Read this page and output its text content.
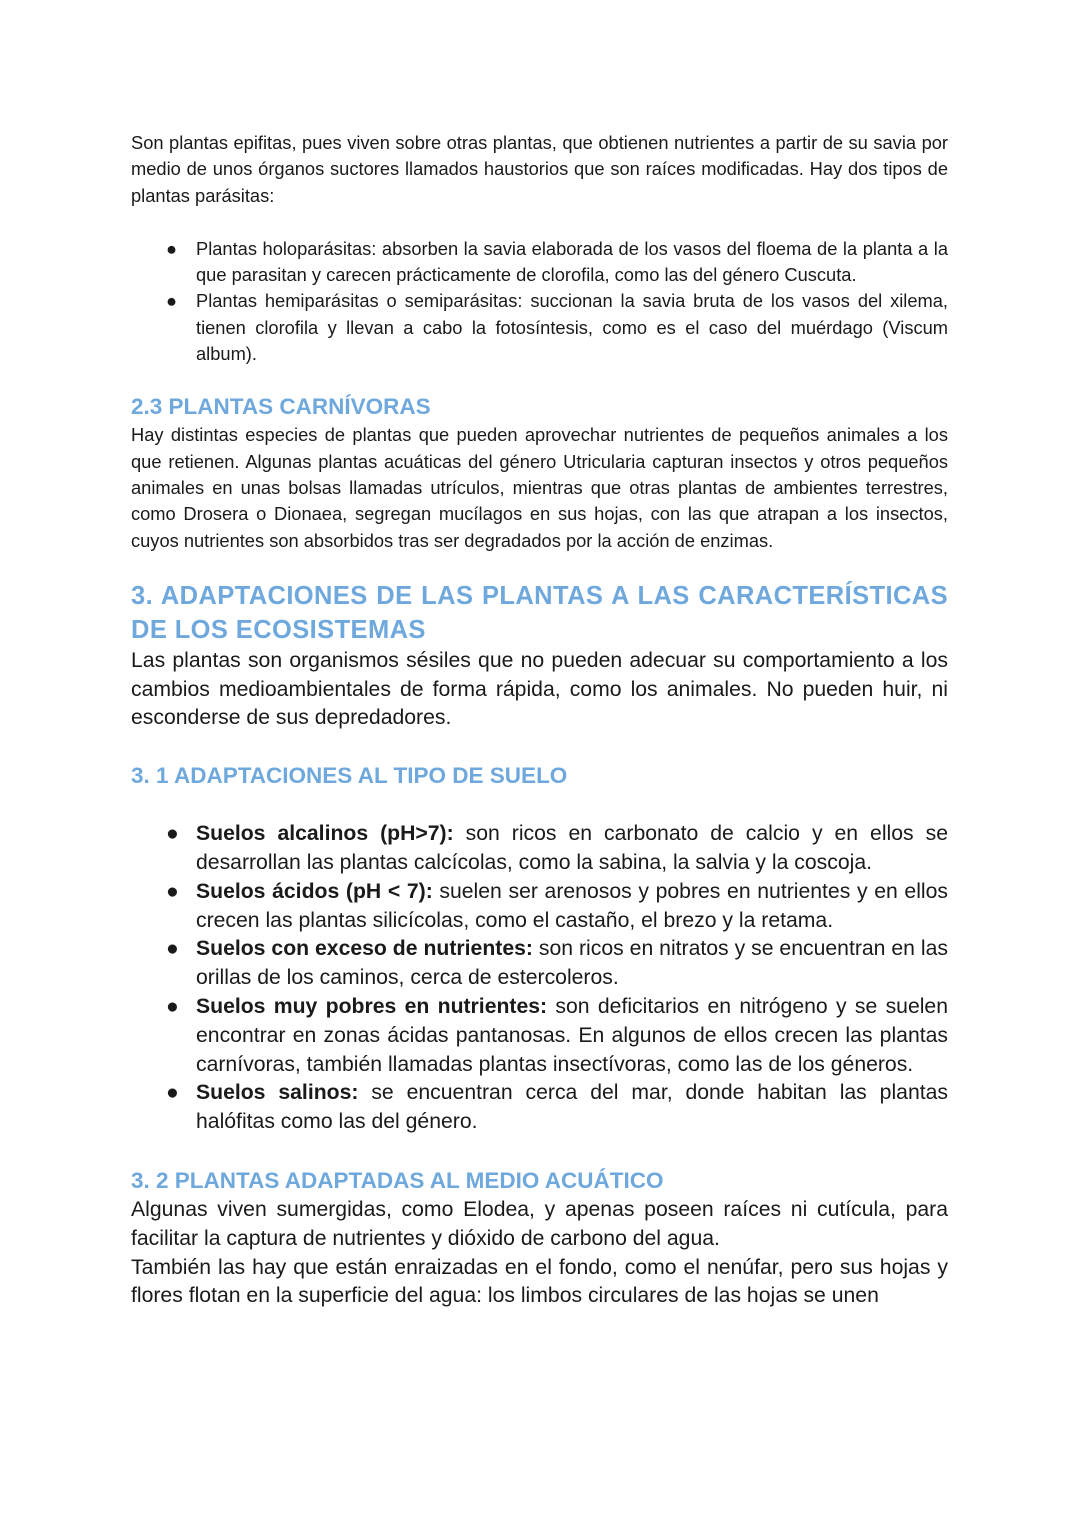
Son plantas epifitas, pues viven sobre otras plantas, que obtienen nutrientes a partir de su savia por medio de unos órganos suctores llamados haustorios que son raíces modificadas. Hay dos tipos de plantas parásitas:

● Plantas holoparásitas: absorben la savia elaborada de los vasos del floema de la planta a la que parasitan y carecen prácticamente de clorofila, como las del género Cuscuta.
● Plantas hemiparásitas o semiparásitas: succionan la savia bruta de los vasos del xilema, tienen clorofila y llevan a cabo la fotosíntesis, como es el caso del muérdago (Viscum album).
2.3 PLANTAS CARNÍVORAS

Hay distintas especies de plantas que pueden aprovechar nutrientes de pequeños animales a los que retienen. Algunas plantas acuáticas del género Utricularia capturan insectos y otros pequeños animales en unas bolsas llamadas utrículos, mientras que otras plantas de ambientes terrestres, como Drosera o Dionaea, segregan mucílagos en sus hojas, con las que atrapan a los insectos, cuyos nutrientes son absorbidos tras ser degradados por la acción de enzimas.

3. ADAPTACIONES DE LAS PLANTAS A LAS CARACTERÍSTICAS DE LOS ECOSISTEMAS

Las plantas son organismos sésiles que no pueden adecuar su comportamiento a los cambios medioambientales de forma rápida, como los animales. No pueden huir, ni esconderse de sus depredadores.

3. 1 ADAPTACIONES AL TIPO DE SUELO
● Suelos alcalinos (pH>7): son ricos en carbonato de calcio y en ellos se desarrollan las plantas calcícolas, como la sabina, la salvia y la coscoja.
● Suelos ácidos (pH < 7): suelen ser arenosos y pobres en nutrientes y en ellos crecen las plantas silicícolas, como el castaño, el brezo y la retama.
● Suelos con exceso de nutrientes: son ricos en nitratos y se encuentran en las orillas de los caminos, cerca de estercoleros.
● Suelos muy pobres en nutrientes: son deficitarios en nitrógeno y se suelen encontrar en zonas ácidas pantanosas. En algunos de ellos crecen las plantas carnívoras, también llamadas plantas insectívoras, como las de los géneros.
● Suelos salinos: se encuentran cerca del mar, donde habitan las plantas halófitas como las del género.
3. 2 PLANTAS ADAPTADAS AL MEDIO ACUÁTICO

Algunas viven sumergidas, como Elodea, y apenas poseen raíces ni cutícula, para facilitar la captura de nutrientes y dióxido de carbono del agua.

También las hay que están enraizadas en el fondo, como el nenúfar, pero sus hojas y flores flotan en la superficie del agua: los limbos circulares de las hojas se unen
